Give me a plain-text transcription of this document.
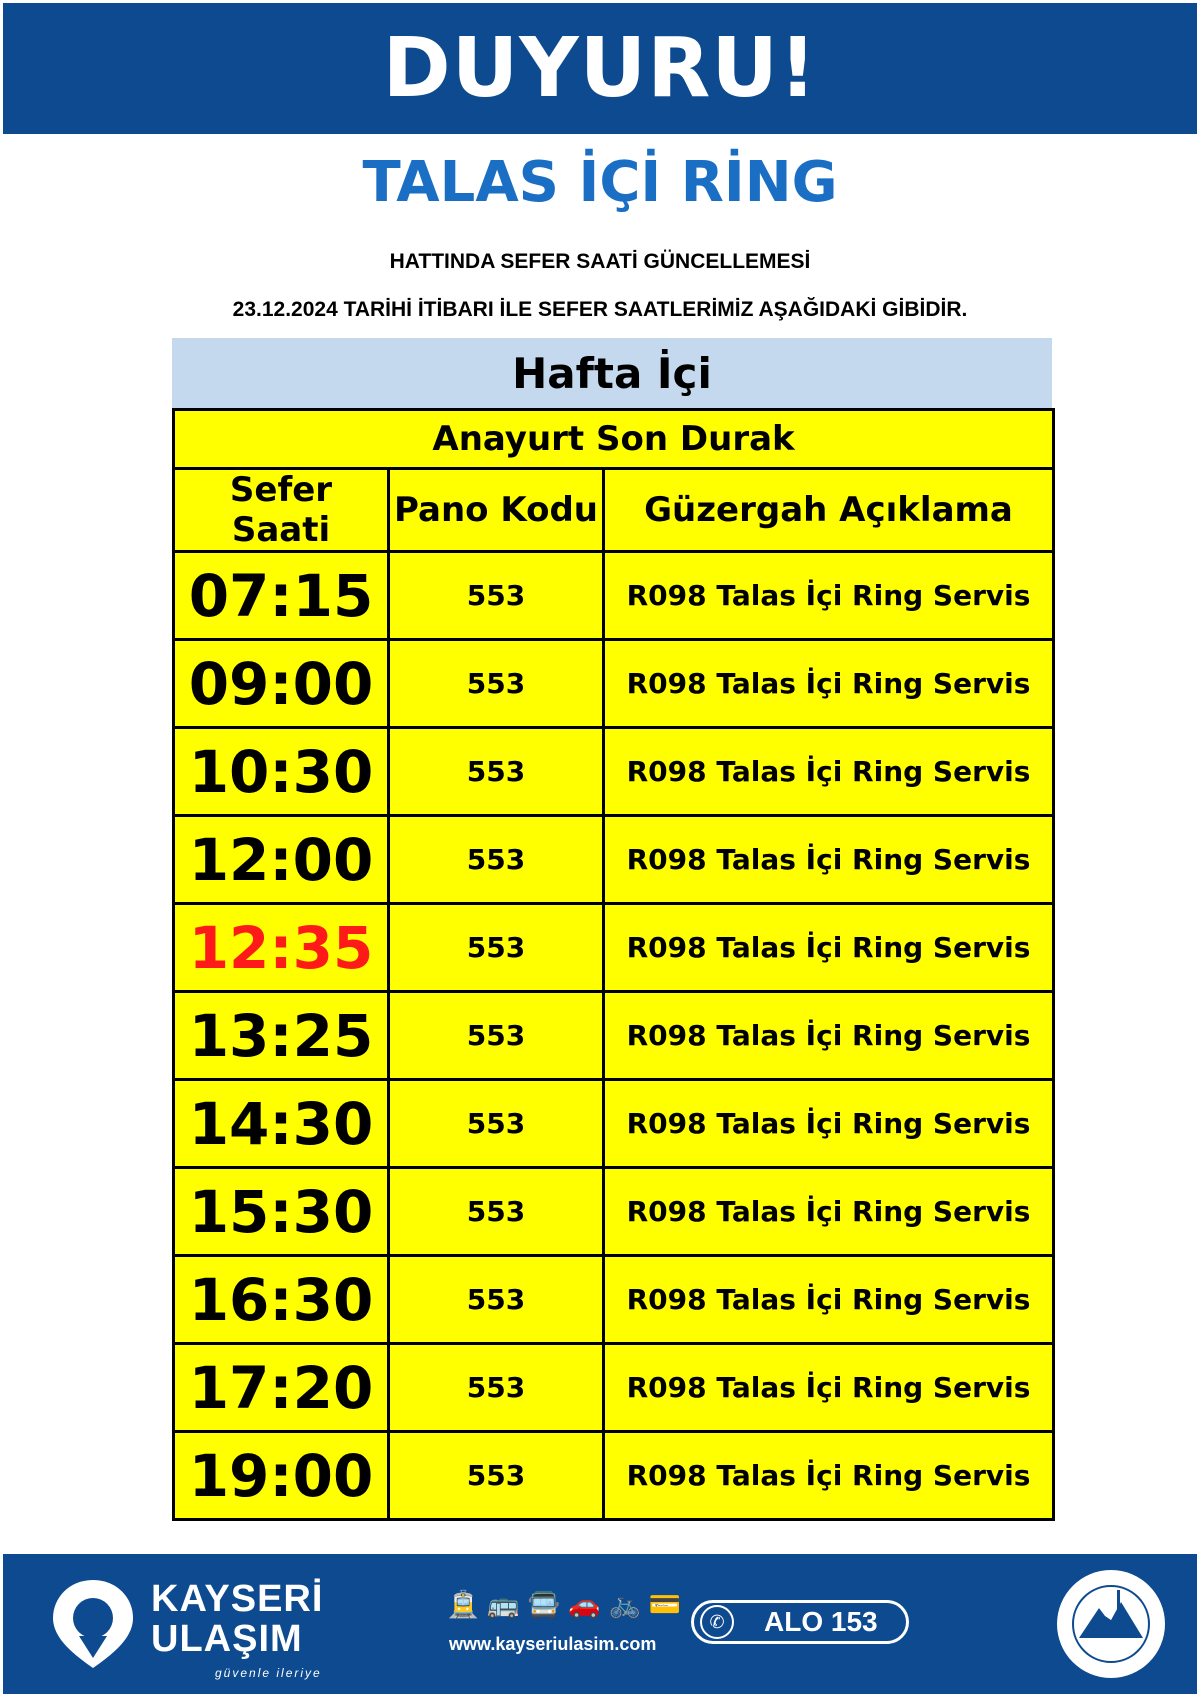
DUYURU!
TALAS İÇİ RİNG
HATTINDA SEFER SAATİ GÜNCELLEMESİ
23.12.2024 TARİHİ İTİBARI İLE SEFER SAATLERİMİZ AŞAĞIDAKİ GİBİDİR.
Hafta İçi
Anayurt Son Durak		
Sefer Saati	Pano Kodu	Güzergah Açıklama
07:15	553	R098 Talas İçi Ring Servis
09:00	553	R098 Talas İçi Ring Servis
10:30	553	R098 Talas İçi Ring Servis
12:00	553	R098 Talas İçi Ring Servis
12:35	553	R098 Talas İçi Ring Servis
13:25	553	R098 Talas İçi Ring Servis
14:30	553	R098 Talas İçi Ring Servis
15:30	553	R098 Talas İçi Ring Servis
16:30	553	R098 Talas İçi Ring Servis
17:20	553	R098 Talas İçi Ring Servis
19:00	553	R098 Talas İçi Ring Servis
KAYSERİ
ULAŞIM
güvenle ileriye
🚊 🚌 🚍 🚗 🚲 💳
www.kayseriulasim.com
✆	ALO 153
